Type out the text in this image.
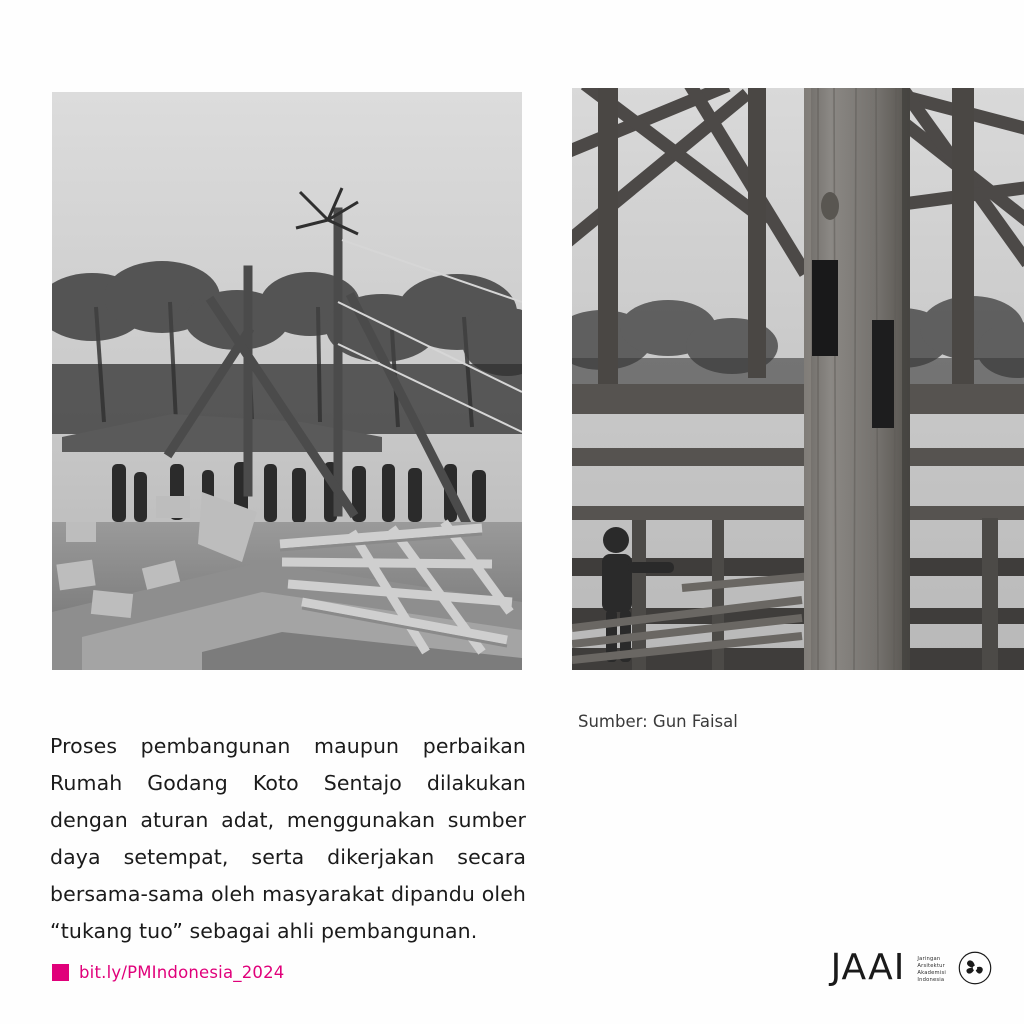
Proses pembangunan maupun perbaikan Rumah Godang Koto Sentajo dilakukan dengan aturan adat, menggunakan sumber daya setempat, serta dikerjakan secara bersama-sama oleh masyarakat dipandu oleh “tukang tuo” sebagai ahli pembangunan.

Sumber: Gun Faisal
bit.ly/PMIndonesia_2024	JAAI Jaringan
Arsitektur
Akademisi
Indonesia
